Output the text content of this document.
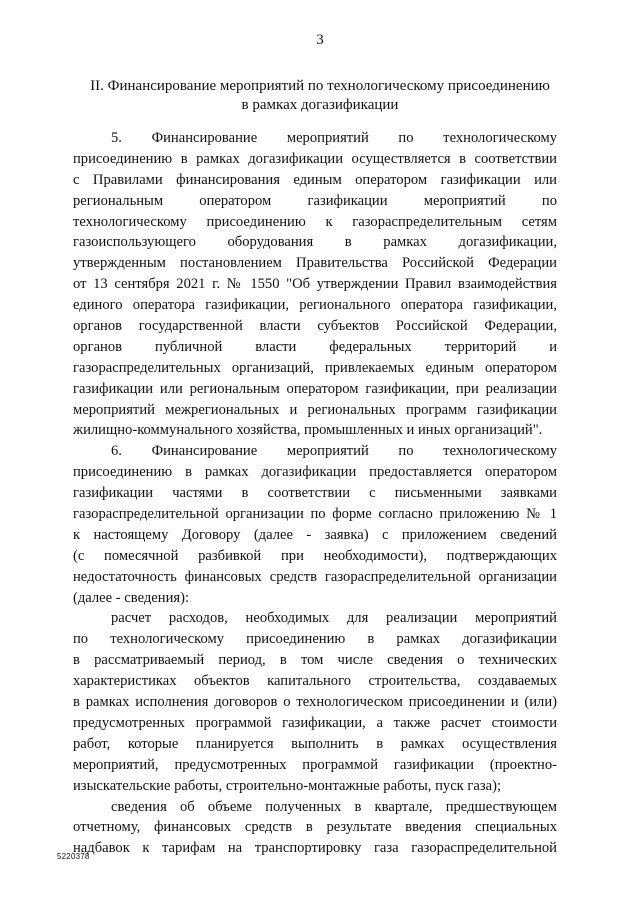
3
II. Финансирование мероприятий по технологическому присоединению
в рамках догазификации
5. Финансирование мероприятий по технологическому
присоединению в рамках догазификации осуществляется в соответствии
с Правилами финансирования единым оператором газификации или
региональным оператором газификации мероприятий по
технологическому присоединению к газораспределительным сетям
газоиспользующего оборудования в рамках догазификации,
утвержденным постановлением Правительства Российской Федерации
от 13 сентября 2021 г. № 1550 "Об утверждении Правил взаимодействия
единого оператора газификации, регионального оператора газификации,
органов государственной власти субъектов Российской Федерации,
органов публичной власти федеральных территорий и
газораспределительных организаций, привлекаемых единым оператором
газификации или региональным оператором газификации, при реализации
мероприятий межрегиональных и региональных программ газификации
жилищно-коммунального хозяйства, промышленных и иных организаций".
6. Финансирование мероприятий по технологическому
присоединению в рамках догазификации предоставляется оператором
газификации частями в соответствии с письменными заявками
газораспределительной организации по форме согласно приложению № 1
к настоящему Договору (далее - заявка) с приложением сведений
(с помесячной разбивкой при необходимости), подтверждающих
недостаточность финансовых средств газораспределительной организации
(далее - сведения):
расчет расходов, необходимых для реализации мероприятий
по технологическому присоединению в рамках догазификации
в рассматриваемый период, в том числе сведения о технических
характеристиках объектов капитального строительства, создаваемых
в рамках исполнения договоров о технологическом присоединении и (или)
предусмотренных программой газификации, а также расчет стоимости
работ, которые планируется выполнить в рамках осуществления
мероприятий, предусмотренных программой газификации (проектно-
изыскательские работы, строительно-монтажные работы, пуск газа);
сведения об объеме полученных в квартале, предшествующем
отчетному, финансовых средств в результате введения специальных
надбавок к тарифам на транспортировку газа газораспределительной
5220378
